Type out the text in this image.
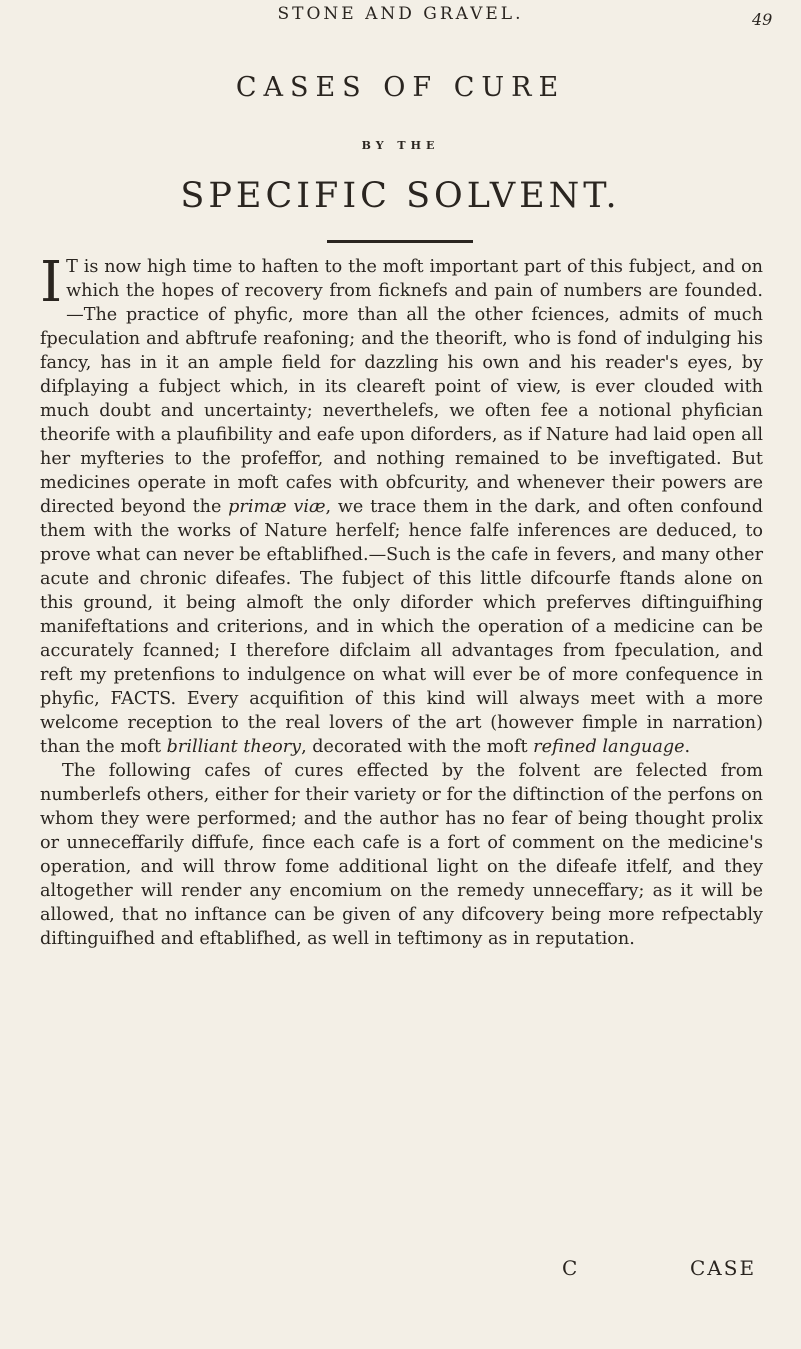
STONE AND GRAVEL.	49
CASES OF CURE
BY THE
SPECIFIC SOLVENT.

I T is now high time to haften to the moft important part of this fubject, and on which the hopes of recovery from ficknefs and pain of numbers are founded.—The practice of phyfic, more than all the other fciences, admits of much fpeculation and abftrufe reafoning; and the theorift, who is fond of indulging his fancy, has in it an ample field for dazzling his own and his reader's eyes, by difplaying a fubject which, in its cleareft point of view, is ever clouded with much doubt and uncertainty; neverthelefs, we often fee a notional phyfician theorife with a plaufibility and eafe upon diforders, as if Nature had laid open all her myfteries to the profeffor, and nothing remained to be inveftigated. But medicines operate in moft cafes with obfcurity, and whenever their powers are directed beyond the primæ viæ, we trace them in the dark, and often confound them with the works of Nature herfelf; hence falfe inferences are deduced, to prove what can never be eftablifhed.—Such is the cafe in fevers, and many other acute and chronic difeafes. The fubject of this little difcourfe ftands alone on this ground, it being almoft the only diforder which preferves diftinguifhing manifeftations and criterions, and in which the operation of a medicine can be accurately fcanned; I therefore difclaim all advantages from fpeculation, and reft my pretenfions to indulgence on what will ever be of more confequence in phyfic, FACTS. Every acquifition of this kind will always meet with a more welcome reception to the real lovers of the art (however fimple in narration) than the moft brilliant theory, decorated with the moft refined language.

The following cafes of cures effected by the folvent are felected from numberlefs others, either for their variety or for the diftinction of the perfons on whom they were performed; and the author has no fear of being thought prolix or unneceffarily diffufe, fince each cafe is a fort of comment on the medicine's operation, and will throw fome additional light on the difeafe itfelf, and they altogether will render any encomium on the remedy unneceffary; as it will be allowed, that no inftance can be given of any difcovery being more refpectably diftinguifhed and eftablifhed, as well in teftimony as in reputation.

C	CASE
